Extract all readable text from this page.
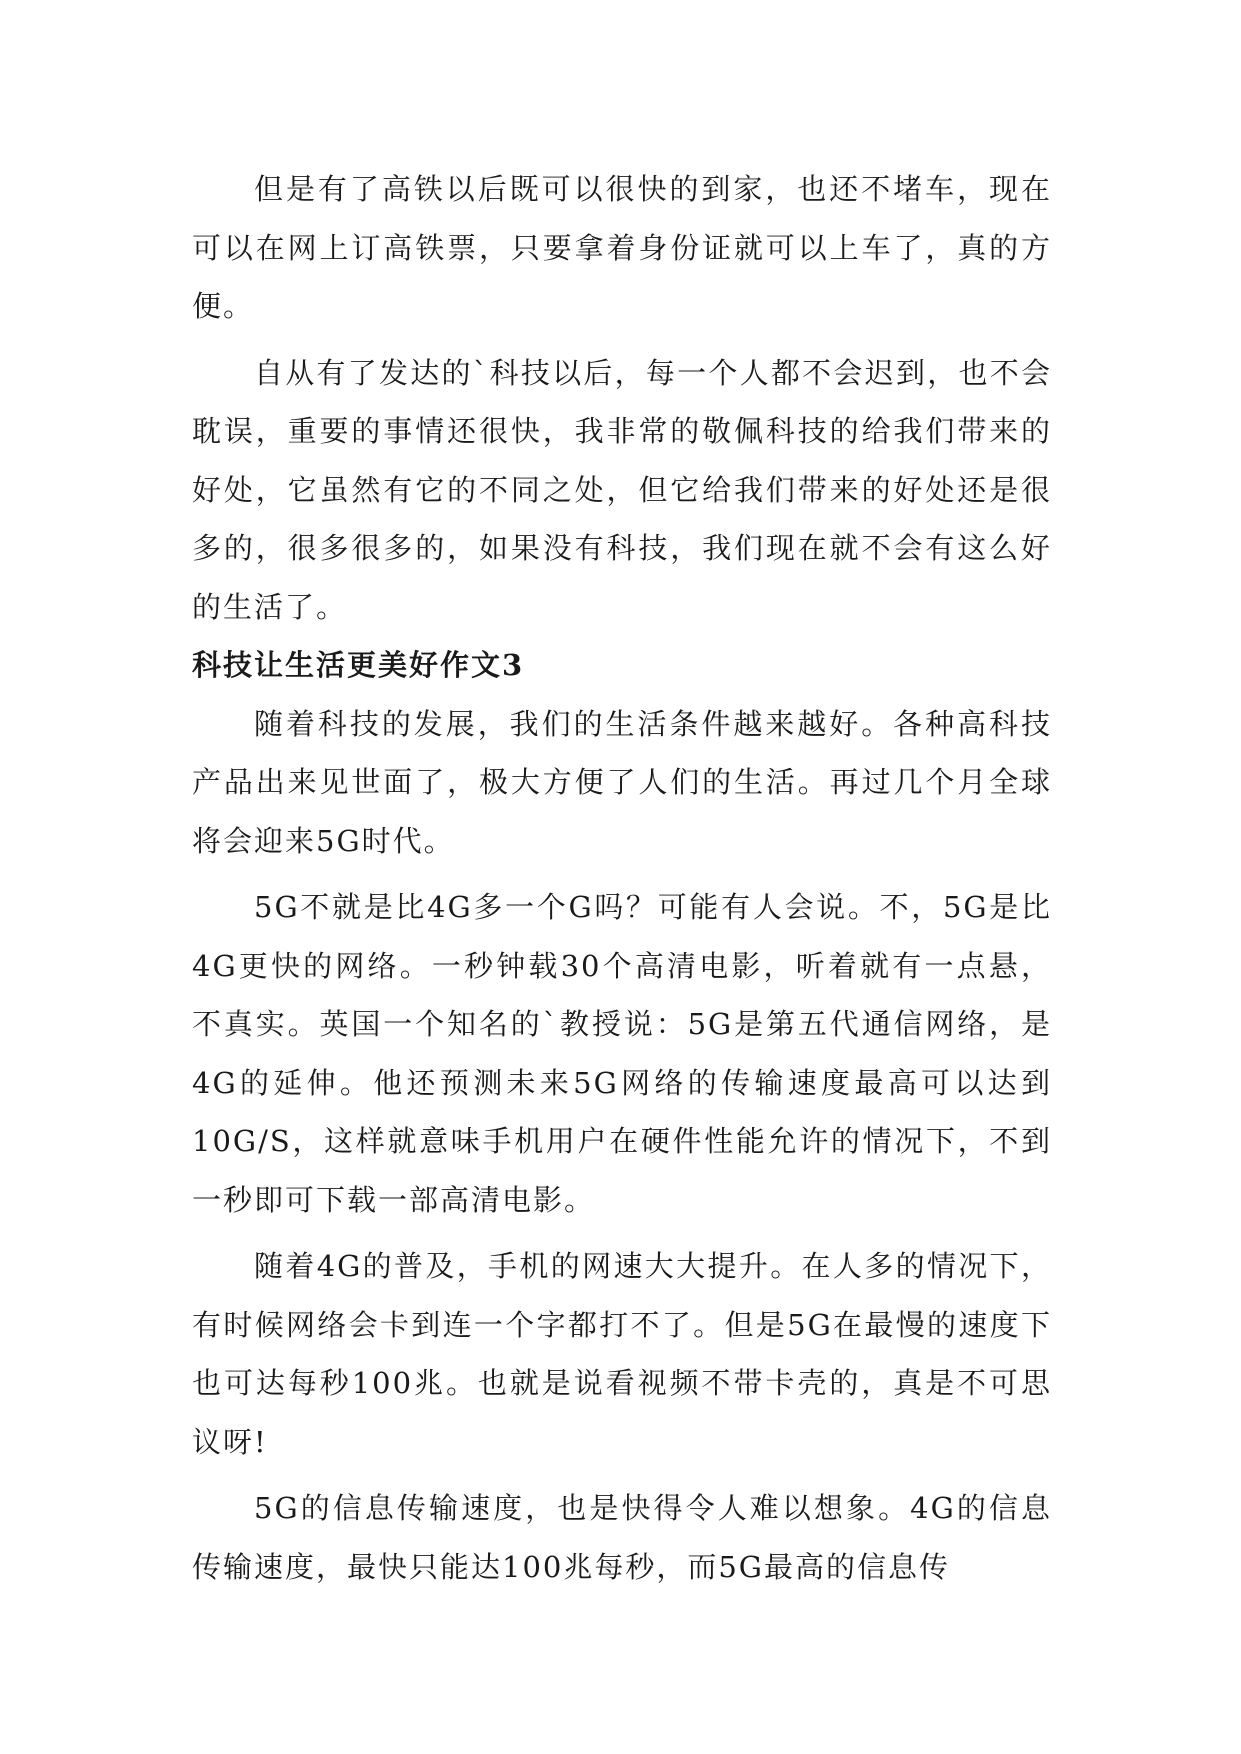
但是有了高铁以后既可以很快的到家，也还不堵车，现在可以在网上订高铁票，只要拿着身份证就可以上车了，真的方便。

自从有了发达的`科技以后，每一个人都不会迟到，也不会耽误，重要的事情还很快，我非常的敬佩科技的给我们带来的好处，它虽然有它的不同之处，但它给我们带来的好处还是很多的，很多很多的，如果没有科技，我们现在就不会有这么好的生活了。

科技让生活更美好作文3

随着科技的发展，我们的生活条件越来越好。各种高科技产品出来见世面了，极大方便了人们的生活。再过几个月全球将会迎来5G时代。

5G不就是比4G多一个G吗？可能有人会说。不，5G是比4G更快的网络。一秒钟载30个高清电影，听着就有一点悬，不真实。英国一个知名的`教授说：5G是第五代通信网络，是4G的延伸。他还预测未来5G网络的传输速度最高可以达到10G/S，这样就意味手机用户在硬件性能允许的情况下，不到一秒即可下载一部高清电影。

随着4G的普及，手机的网速大大提升。在人多的情况下，有时候网络会卡到连一个字都打不了。但是5G在最慢的速度下也可达每秒100兆。也就是说看视频不带卡壳的，真是不可思议呀!

5G的信息传输速度，也是快得令人难以想象。4G的信息传输速度，最快只能达100兆每秒，而5G最高的信息传
